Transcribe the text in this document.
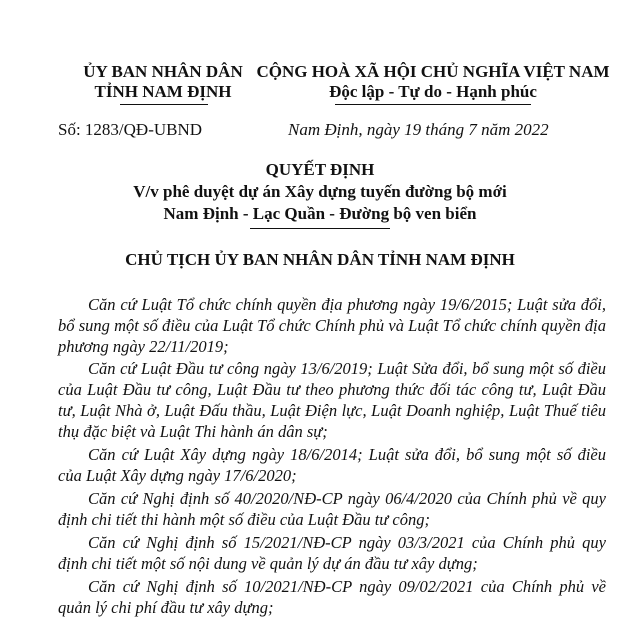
ỦY BAN NHÂN DÂN
TỈNH NAM ĐỊNH
CỘNG HOÀ XÃ HỘI CHỦ NGHĨA VIỆT NAM
Độc lập - Tự do - Hạnh phúc
Số: 1283/QĐ-UBND	Nam Định, ngày 19 tháng 7 năm 2022
QUYẾT ĐỊNH
V/v phê duyệt dự án Xây dựng tuyến đường bộ mới
Nam Định - Lạc Quần - Đường bộ ven biển
CHỦ TỊCH ỦY BAN NHÂN DÂN TỈNH NAM ĐỊNH

Căn cứ Luật Tổ chức chính quyền địa phương ngày 19/6/2015; Luật sửa đổi, bổ sung một số điều của Luật Tổ chức Chính phủ và Luật Tổ chức chính quyền địa phương ngày 22/11/2019;

Căn cứ Luật Đầu tư công ngày 13/6/2019; Luật Sửa đổi, bổ sung một số điều của Luật Đầu tư công, Luật Đầu tư theo phương thức đối tác công tư, Luật Đầu tư, Luật Nhà ở, Luật Đấu thầu, Luật Điện lực, Luật Doanh nghiệp, Luật Thuế tiêu thụ đặc biệt và Luật Thi hành án dân sự;

Căn cứ Luật Xây dựng ngày 18/6/2014; Luật sửa đổi, bổ sung một số điều của Luật Xây dựng ngày 17/6/2020;

Căn cứ Nghị định số 40/2020/NĐ-CP ngày 06/4/2020 của Chính phủ về quy định chi tiết thi hành một số điều của Luật Đầu tư công;

Căn cứ Nghị định số 15/2021/NĐ-CP ngày 03/3/2021 của Chính phủ quy định chi tiết một số nội dung về quản lý dự án đầu tư xây dựng;

Căn cứ Nghị định số 10/2021/NĐ-CP ngày 09/02/2021 của Chính phủ về quản lý chi phí đầu tư xây dựng;
